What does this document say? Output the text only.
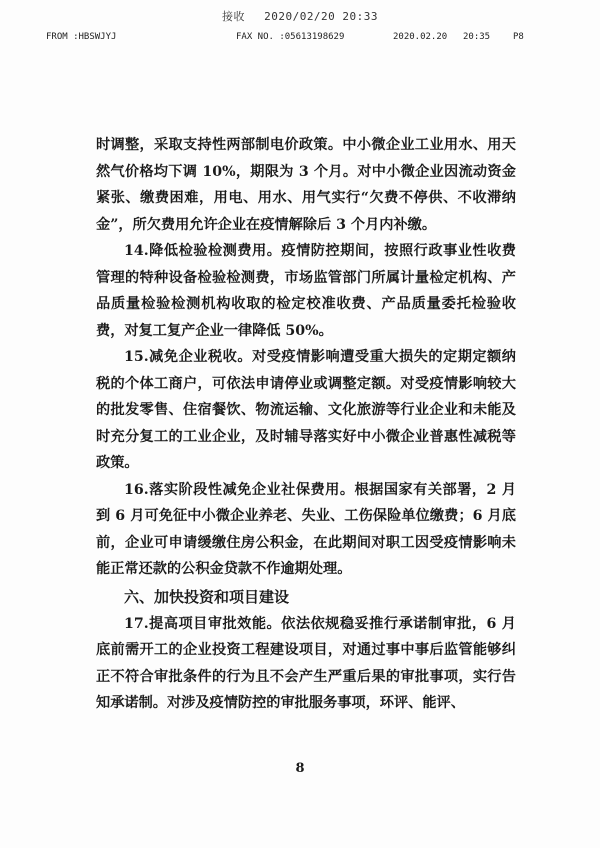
接收 2020/02/20 20:33
FROM :HBSWJYJ	FAX NO. :05613198629	2020.02.20 20:35	P8

时调整，采取支持性两部制电价政策。中小微企业工业用水、用天然气价格均下调 10%，期限为 3 个月。对中小微企业因流动资金紧张、缴费困难，用电、用水、用气实行“欠费不停供、不收滞纳金”，所欠费用允许企业在疫情解除后 3 个月内补缴。

14.降低检验检测费用。疫情防控期间，按照行政事业性收费管理的特种设备检验检测费，市场监管部门所属计量检定机构、产品质量检验检测机构收取的检定校准收费、产品质量委托检验收费，对复工复产企业一律降低 50%。

15.减免企业税收。对受疫情影响遭受重大损失的定期定额纳税的个体工商户，可依法申请停业或调整定额。对受疫情影响较大的批发零售、住宿餐饮、物流运输、文化旅游等行业企业和未能及时充分复工的工业企业，及时辅导落实好中小微企业普惠性减税等政策。

16.落实阶段性减免企业社保费用。根据国家有关部署，2 月到 6 月可免征中小微企业养老、失业、工伤保险单位缴费；6 月底前，企业可申请缓缴住房公积金，在此期间对职工因受疫情影响未能正常还款的公积金贷款不作逾期处理。

六、加快投资和项目建设

17.提高项目审批效能。依法依规稳妥推行承诺制审批，6 月底前需开工的企业投资工程建设项目，对通过事中事后监管能够纠正不符合审批条件的行为且不会产生严重后果的审批事项，实行告知承诺制。对涉及疫情防控的审批服务事项，环评、能评、

8
